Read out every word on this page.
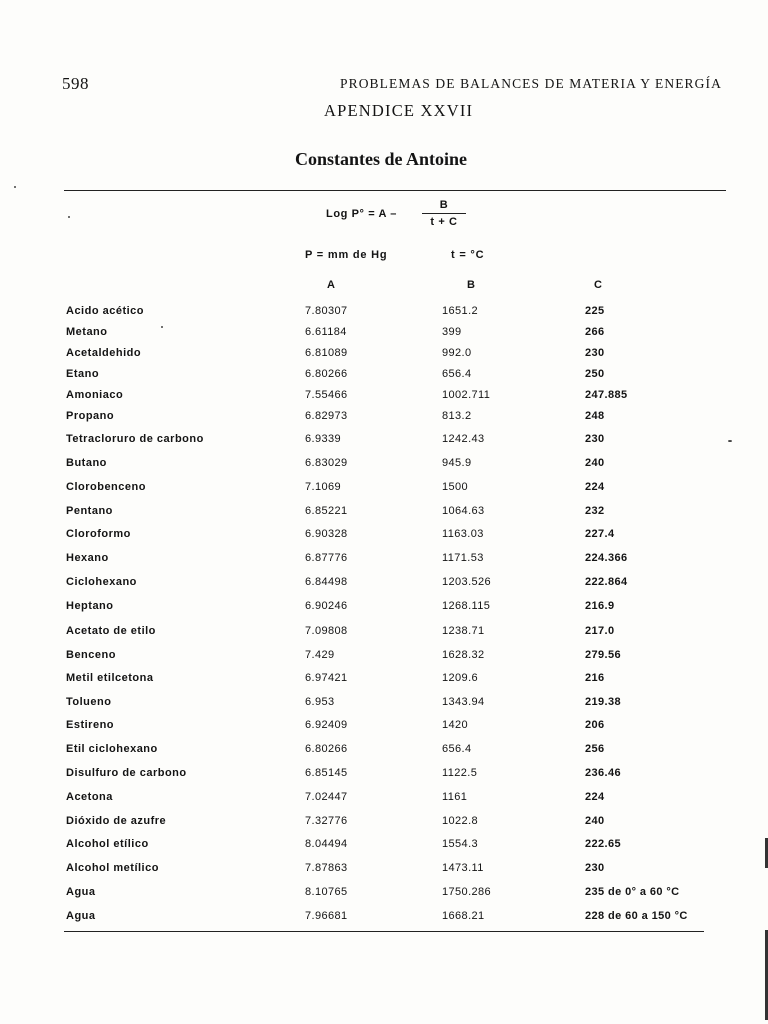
598	PROBLEMAS DE BALANCES DE MATERIA Y ENERGÍA
APENDICE XXVII
Constantes de Antoine
Log P° = A –
B
t + C
P = mm de Hg	t = °C
A	B	C
Acido acético	7.80307	1651.2	225
Metano	6.61184	399	266
Acetaldehido	6.81089	992.0	230
Etano	6.80266	656.4	250
Amoniaco	7.55466	1002.711	247.885
Propano	6.82973	813.2	248
Tetracloruro de carbono	6.9339	1242.43	230
Butano	6.83029	945.9	240
Clorobenceno	7.1069	1500	224
Pentano	6.85221	1064.63	232
Cloroformo	6.90328	1163.03	227.4
Hexano	6.87776	1171.53	224.366
Ciclohexano	6.84498	1203.526	222.864
Heptano	6.90246	1268.115	216.9
Acetato de etilo	7.09808	1238.71	217.0
Benceno	7.429	1628.32	279.56
Metil etilcetona	6.97421	1209.6	216
Tolueno	6.953	1343.94	219.38
Estireno	6.92409	1420	206
Etil ciclohexano	6.80266	656.4	256
Disulfuro de carbono	6.85145	1122.5	236.46
Acetona	7.02447	1161	224
Dióxido de azufre	7.32776	1022.8	240
Alcohol etílico	8.04494	1554.3	222.65
Alcohol metílico	7.87863	1473.11	230
Agua	8.10765	1750.286	235 de 0° a 60 °C
Agua	7.96681	1668.21	228 de 60 a 150 °C
